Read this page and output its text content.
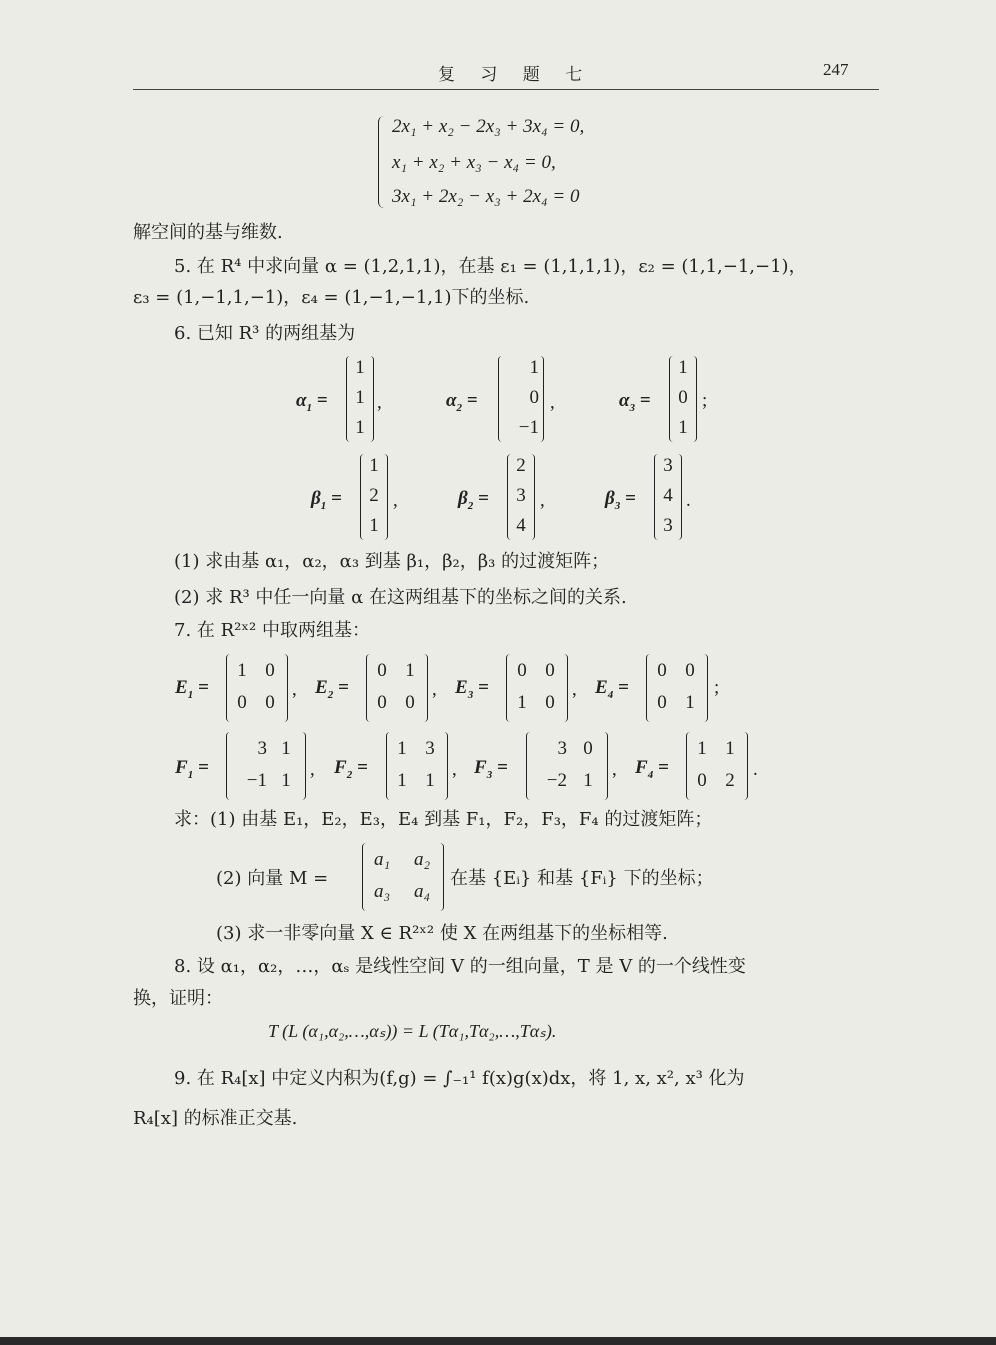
复 习 题 七	247
2x₁ + x₂ − 2x₃ + 3x₄ = 0,
x₁ + x₂ + x₃ − x₄ = 0,
3x₁ + 2x₂ − x₃ + 2x₄ = 0
解空间的基与维数.
5. 在 R⁴ 中求向量 α = (1,2,1,1)，在基 ε₁ = (1,1,1,1)，ε₂ = (1,1,−1,−1)，
ε₃ = (1,−1,1,−1)，ε₄ = (1,−1,−1,1)下的坐标.
6. 已知 R³ 的两组基为
$\alpha_1$ =
1
1
1
,	$\alpha_2$ =
1
0
−1
,	$\alpha_3$ =
1
0
1
;
$\beta_1$ =
1
2
1
,	$\beta_2$ =
2
3
4
,	$\beta_3$ =
3
4
3
.
(1) 求由基 α₁，α₂，α₃ 到基 β₁，β₂，β₃ 的过渡矩阵；
(2) 求 R³ 中任一向量 α 在这两组基下的坐标之间的关系.
7. 在 R²ˣ² 中取两组基：
$E_1$ =
1 0
0 0
, $E_2$ =
0 1
0 0
, $E_3$ =
0 0
1 0
, $E_4$ =
0 0
0 1
;
$F_1$ =
3 1
−1 1
, $F_2$ =
1 3
1 1
, $F_3$ =
3 0
−2 1
, $F_4$ =
1 1
0 2
.
求：(1) 由基 E₁，E₂，E₃，E₄ 到基 F₁，F₂，F₃，F₄ 的过渡矩阵；
(2) 向量 M =
a₁	a₂
a₃	a₄
在基 {Eᵢ} 和基 {Fᵢ} 下的坐标；
(3) 求一非零向量 X ∈ R²ˣ² 使 X 在两组基下的坐标相等.
8. 设 α₁，α₂，…，αₛ 是线性空间 V 的一组向量，T 是 V 的一个线性变
换，证明：
T (L (α₁,α₂,…,αₛ)) = L (Tα₁,Tα₂,…,Tαₛ).
9. 在 R₄[x] 中定义内积为(f,g) = ∫₋₁¹ f(x)g(x)dx，将 1, x, x², x³ 化为
R₄[x] 的标准正交基.
